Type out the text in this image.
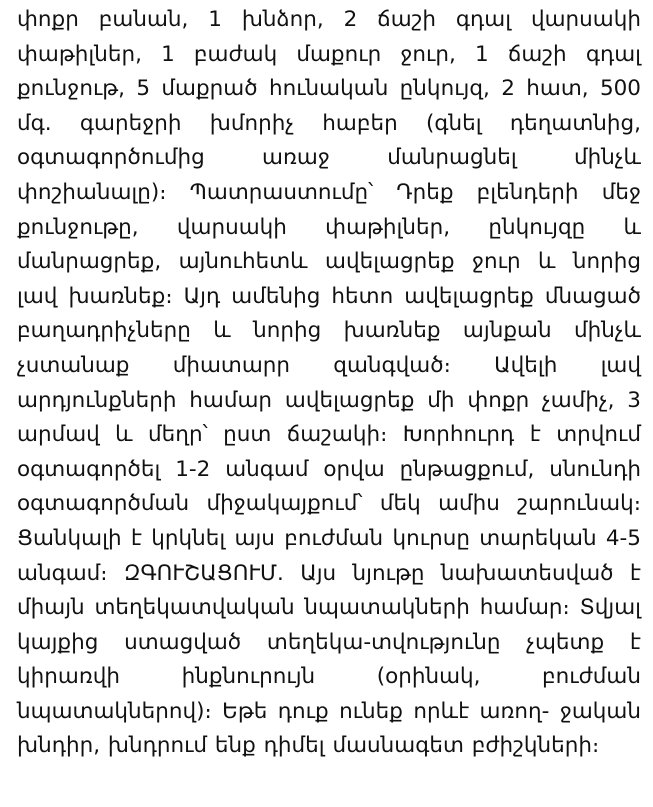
փոքր բանան, 1 խնձոր, 2 ճաշի գդալ վարսակի փաթիլներ, 1 բաժակ մաքուր ջուր, 1 ճաշի գդալ քունջութ, 5 մաքրած հունական ընկույզ, 2 հատ, 500 մգ. գարեջրի խմորիչ հաբեր (գնել դեղատնից, օգտագործումից առաջ մանրացնել մինչև փոշիանալը)։ Պատրաստումը՝ Դրեք բլենդերի մեջ քունջութը, վարսակի փաթիլներ, ընկույզը և մանրացրեք, այնուհետև ավելացրեք ջուր և նորից լավ խառնեք։ Այդ ամենից հետո ավելացրեք մնացած բաղադրիչները և նորից խառնեք այնքան մինչև չստանաք միատարր զանգված։ Ավելի լավ արդյունքների համար ավելացրեք մի փոքր չամիչ, 3 արմավ և մեղր՝ ըստ ճաշակի։ Խորհուրդ է տրվում օգտագործել 1-2 անգամ օրվա ընթացքում, սնունդի օգտագործման միջակայքում՝ մեկ ամիս շարունակ։ Ցանկալի է կրկնել այս բուժման կուրսը տարեկան 4-5 անգամ։ ԶԳՈՒՇԱՑՈՒՄ. Այս նյութը նախատեսված է միայն տեղեկատվական նպատակների համար։ Տվյալ կայքից ստացված տեղեկա-տվությունը չպետք է կիրառվի ինքնուրույն (օրինակ, բուժման նպատակներով)։ Եթե դուք ունեք որևէ առող- ջական խնդիր, խնդրում ենք դիմել մասնագետ բժիշկների։
